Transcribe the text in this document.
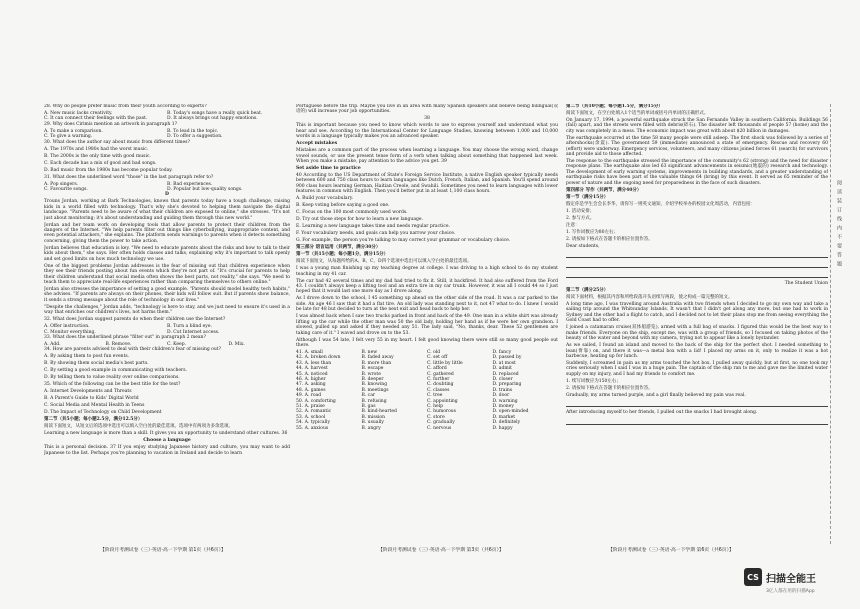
28. Why do people prefer music from their youth according to experts?

A. New music lacks creativity.	B. Today's songs have a really quick beat.
C. It can connect their feelings with the past.	D. It always brings out happy emotions.

29. Why does Cirimis mention an artwork in paragraph 1?

A. To make a comparison.	B. To lead in the topic.
C. To give a warning.	D. To offer a suggestion.

30. What does the author say about music from different times?

A. The 1970s and 1980s had the worst music.

B. The 2000s is the only time with good music.

C. Each decade has a mix of good and bad songs.

D. Bad music from the 1980s has become popular today.

31. What does the underlined word "those" in the last paragraph refer to?

A. Pop singers.	B. Bad experiences.
C. Favourite songs.	D. Popular but low-quality songs.

D

Trouns Jordan, working at Bark Technologies, knows that parents today have a tough challenge, raising kids in a world filled with technology. That's why she's devoted to helping them navigate the digital landscape. "Parents need to be aware of what their children are exposed to online," she stresses. "It's not just about monitoring; it's about understanding and guiding them through this new world."

Jordan and her team work on developing tools that allow parents to protect their children from the dangers of the Internet. "We help parents filter out things like cyberbullying, inappropriate content, and even potential attackers," she explains. The platform sends warnings to parents when it detects something concerning, giving them the power to take action.

Jordan believes that education is key. "We need to educate parents about the risks and how to talk to their kids about them," she says. Her often holds classes and talks, explaining why it's important to talk openly and set good limits on how much technology we use.

One of the biggest problems Jordan addresses is the fear of missing out that children experience when they see their friends posting about fun events which they're not part of. "It's crucial for parents to help their children understand that social media often shows the best parts, not reality," she says. "We need to teach them to appreciate real-life experiences rather than comparing themselves to others online."

Jordan also stresses the importance of setting a good example. "Parents should model healthy tech habits," she advises. "If parents are always on their phones, their kids will follow suit. But if parents show balance, it sends a strong message about the role of technology in our lives."

"Despite the challenges," Jordan adds, "technology is here to stay, and we just need to ensure it's used in a way that enriches our children's lives, not harms them."

32. What does Jordan suggest parents do when their children use the Internet?

A. Offer instruction.	B. Turn a blind eye.
C. Monitor everything.	D. Cut Internet access.

33. What does the underlined phrase "filter out" in paragraph 2 mean?

A. Add.	B. Remove.	C. Keep.	D. Mix.

34. How are parents advised to deal with their children's fear of missing out?

A. By asking them to post fun events.

B. By showing them social media's best parts.

C. By setting a good example in communicating with teachers.

D. By telling them to value reality over online comparisons.

35. Which of the following can be the best title for the text?

A. Internet Developments and Threats

B. A Parent's Guide to Kids' Digital World

C. Social Media and Mental Health in Teens

D. The Impact of Technology on Child Development

第二节（共5小题；每小题2.5分，满分12.5分）

阅读下面短文，从短文后的选项中选出可以填入空白处的最佳选项。选项中有两项为多余选项。

Learning a new language is more than a skill. It gives you an opportunity to understand other cultures. 36

Choose a language

This is a personal decision. 37 If you enjoy studying Japanese history and culture, you may want to add Japanese to the list. Perhaps you're planning to vacation in Ireland and decide to learn

Portuguese before the trip. Maybe you live in an area with many Spanish speakers and believe being bilingual(双语的) will increase your job opportunities.

38

This is important because you need to know which words to use to express yourself and understand what you hear and see. According to the International Center for Language Studies, knowing between 1,000 and 10,000 words in a language typically makes you an advanced speaker.

Accept mistakes

Mistakes are a common part of the process when learning a language. You may choose the wrong word, change vowel sounds, or use the present tense form of a verb when talking about something that happened last week. When you make a mistake, pay attention to the advice you get. 39

Set aside time to practice

40 According to the US Department of State's Foreign Service Institute, a native English speaker typically needs between 600 and 750 class hours to learn languages like Dutch, French, Italian, and Spanish. You'll spend around 900 class hours learning German, Haitian Creole, and Swahili. Sometimes you need to learn languages with lower features in common with English. Then you'd better put in at least 1,100 class hours.

A. Build your vocabulary.

B. Keep voting before saying a good one.

C. Focus on the 100 most commonly used words.

D. Try out those steps for how to learn a new language.

E. Learning a new language takes time and needs regular practice.

F. Your vocabulary needs, and goals can help you narrow your choice.

G. For example, the person you're talking to may correct your grammar or vocabulary choice.

第三部分 语言运用（共两节，满分30分）

第一节（共15小题；每小题1分，满分15分）

阅读下面短文，从每题所给的A、B、C、D四个选项中选出可以填入空白处的最佳选项。

I was a young man finishing up my teaching degree at college. I was driving to a high school to do my student teaching in my 41 car.

The car had 42 several times and my dad had tried to fix it. Still, it backfired. It had also suffered from the Ford 43. I couldn't always keep a lifting tool and an extra tire in my car trunk. However, it was all I could 44 so I just hoped that it would last one more day as I drove along.

As I drove down to the school, I 45 something up ahead on the other side of the road. It was a car parked to the side. An age 46 I saw that it had a flat tire. An old lady was standing next to it, not 47 what to do. I knew I would be late for 48 but decided to turn at the next exit and head back to help her.

I was almost back when I saw two trucks parked in front and back of the 49. One man in a white shirt was already lifting up the car while the other man was 50 the old lady, holding her hand as if he were her own grandson. I slowed, pulled up and asked if they needed any 51. The lady said, "No, thanks, dear. These 52 gentlemen are taking care of it." I waved and drove on to the 53.

Although I was 54 late, I felt very 55 in my heart. I felt good knowing there were still so many good people out there.

41. A. small	B. new	C. old	D. fancy
42. A. broken down	B. faded away	C. set off	D. passed by
43. A. less than	B. more than	C. little by little	D. at most
44. A. harvest	B. escape	C. afford	D. admit
45. A. noticed	B. wrote	C. gathered	D. replaced
46. A. higher	B. deeper	C. further	D. closer
47. A. asking	B. knowing	C. doubting	D. preparing
48. A. games	B. meetings	C. classes	D. trains
49. A. road	B. car	C. tree	D. door
50. A. comforting	B. refusing	C. appointing	D. warning
51. A. praise	B. gas	C. help	D. money
52. A. romantic	B. kind-hearted	C. humorous	D. open-minded
53. A. school	B. mission	C. store	D. market
54. A. typically	B. usually	C. gradually	D. definitely
55. A. anxious	B. angry	C. nervous	D. happy

第二节（共10小题；每小题1.5分，满分15分）

阅读下面短文，在空白处填入1个适当的单词或括号内单词的正确形式。

On January 17, 1994, a powerful earthquake struck the San Fernando Valley in southern California. Buildings 56 (fall) apart, and the streets were filled with debris(碎石). The disaster left thousands of people 57 (home) and the city was completely in a mess. The economic impact was great with about $20 billion in damages.

The earthquake occurred at the time 58 many people were still asleep. The first shock was followed by a series of aftershocks(余震). The government 59 (immediate) announced a state of emergency. Rescue and recovery 60 (effort) were underway. Emergency services, volunteers, and many citizens joined forces 61 (search) for survivors and provide aid to those affected.

The response to the earthquake stressed the importance of the community's 62 (strong) and the need for disaster response plans. The earthquake also led 63 significant advancements in seismic(地震的) research and technology. The development of early warning systems, improvements in building standards, and a greater understanding of earthquake risks have been part of the valuable things 64 (bring) by this event. It served as 65 reminder of the power of nature and the ongoing need for preparedness in the face of such disasters.

第四部分 写作（共两节，满分40分）

第一节（满分15分）

假定你是学生会会长李华，请你写一则英文通知，介绍学校举办的校园文化周活动，内容包括：

1. 活动安排；

2. 参与方式。

注意：

1. 写作词数应为80左右；

2. 请按如下格式在答题卡的相应位置作答。

Dear students,

The Student Union

第二节（满分25分）

阅读下面材料，根据其内容和所给段落开头语续写两段，使之构成一篇完整的短文。

A long time ago, I was travelling around Australia with two friends when I decided to go my own way and take a sailing trip around the Whitsunday Islands. It wasn't that I didn't get along any more, but one had to work in Sydney and the other had a flight to catch, and I decided not to let their plans stop me from seeing everything the Gold Coast had to offer.

I joined a catamaran cruise(双体船游览), armed with a full bag of snacks. I figured this would be the best way to make friends. Everyone on the ship, except me, was with a group of friends, so I focused on taking photos of the beauty of the water and beyond with my camera, trying not to appear like a lonely bystander.

As we sailed, I found an island and moved to the back of the ship for the perfect shot. I needed something to lean(倚靠) on, and there it was—a metal box with a lid! I placed my arms on it, only to realize it was a hot barbecue, heating up for lunch.

Suddenly, I screamed in pain as my arms touched the hot box. I pulled away quickly, but at first, no one took my cries seriously when I said I was in a huge pain. The captain of the ship ran to me and gave me the limited water supply on my injury, and I had my friends to comfort me.

1. 续写词数应为150左右；

2. 请按如下格式在答题卡的相应位置作答。

Gradually, my arms turned purple, and a girl finally believed my pain was real.

After introducing myself to her friends, I pulled out the snacks I had brought along.

阅读装订线内不要答题
【阶段月考测试卷（三）·英语·高一下学期 第1页（共6页）】	【阶段月考测试卷（三）·英语·高一下学期 第3页（共6页）】	【阶段月考测试卷（三）·英语·高一下学期 第6页（共6页）】
CS 扫描全能王
3亿人都在用的扫描App
